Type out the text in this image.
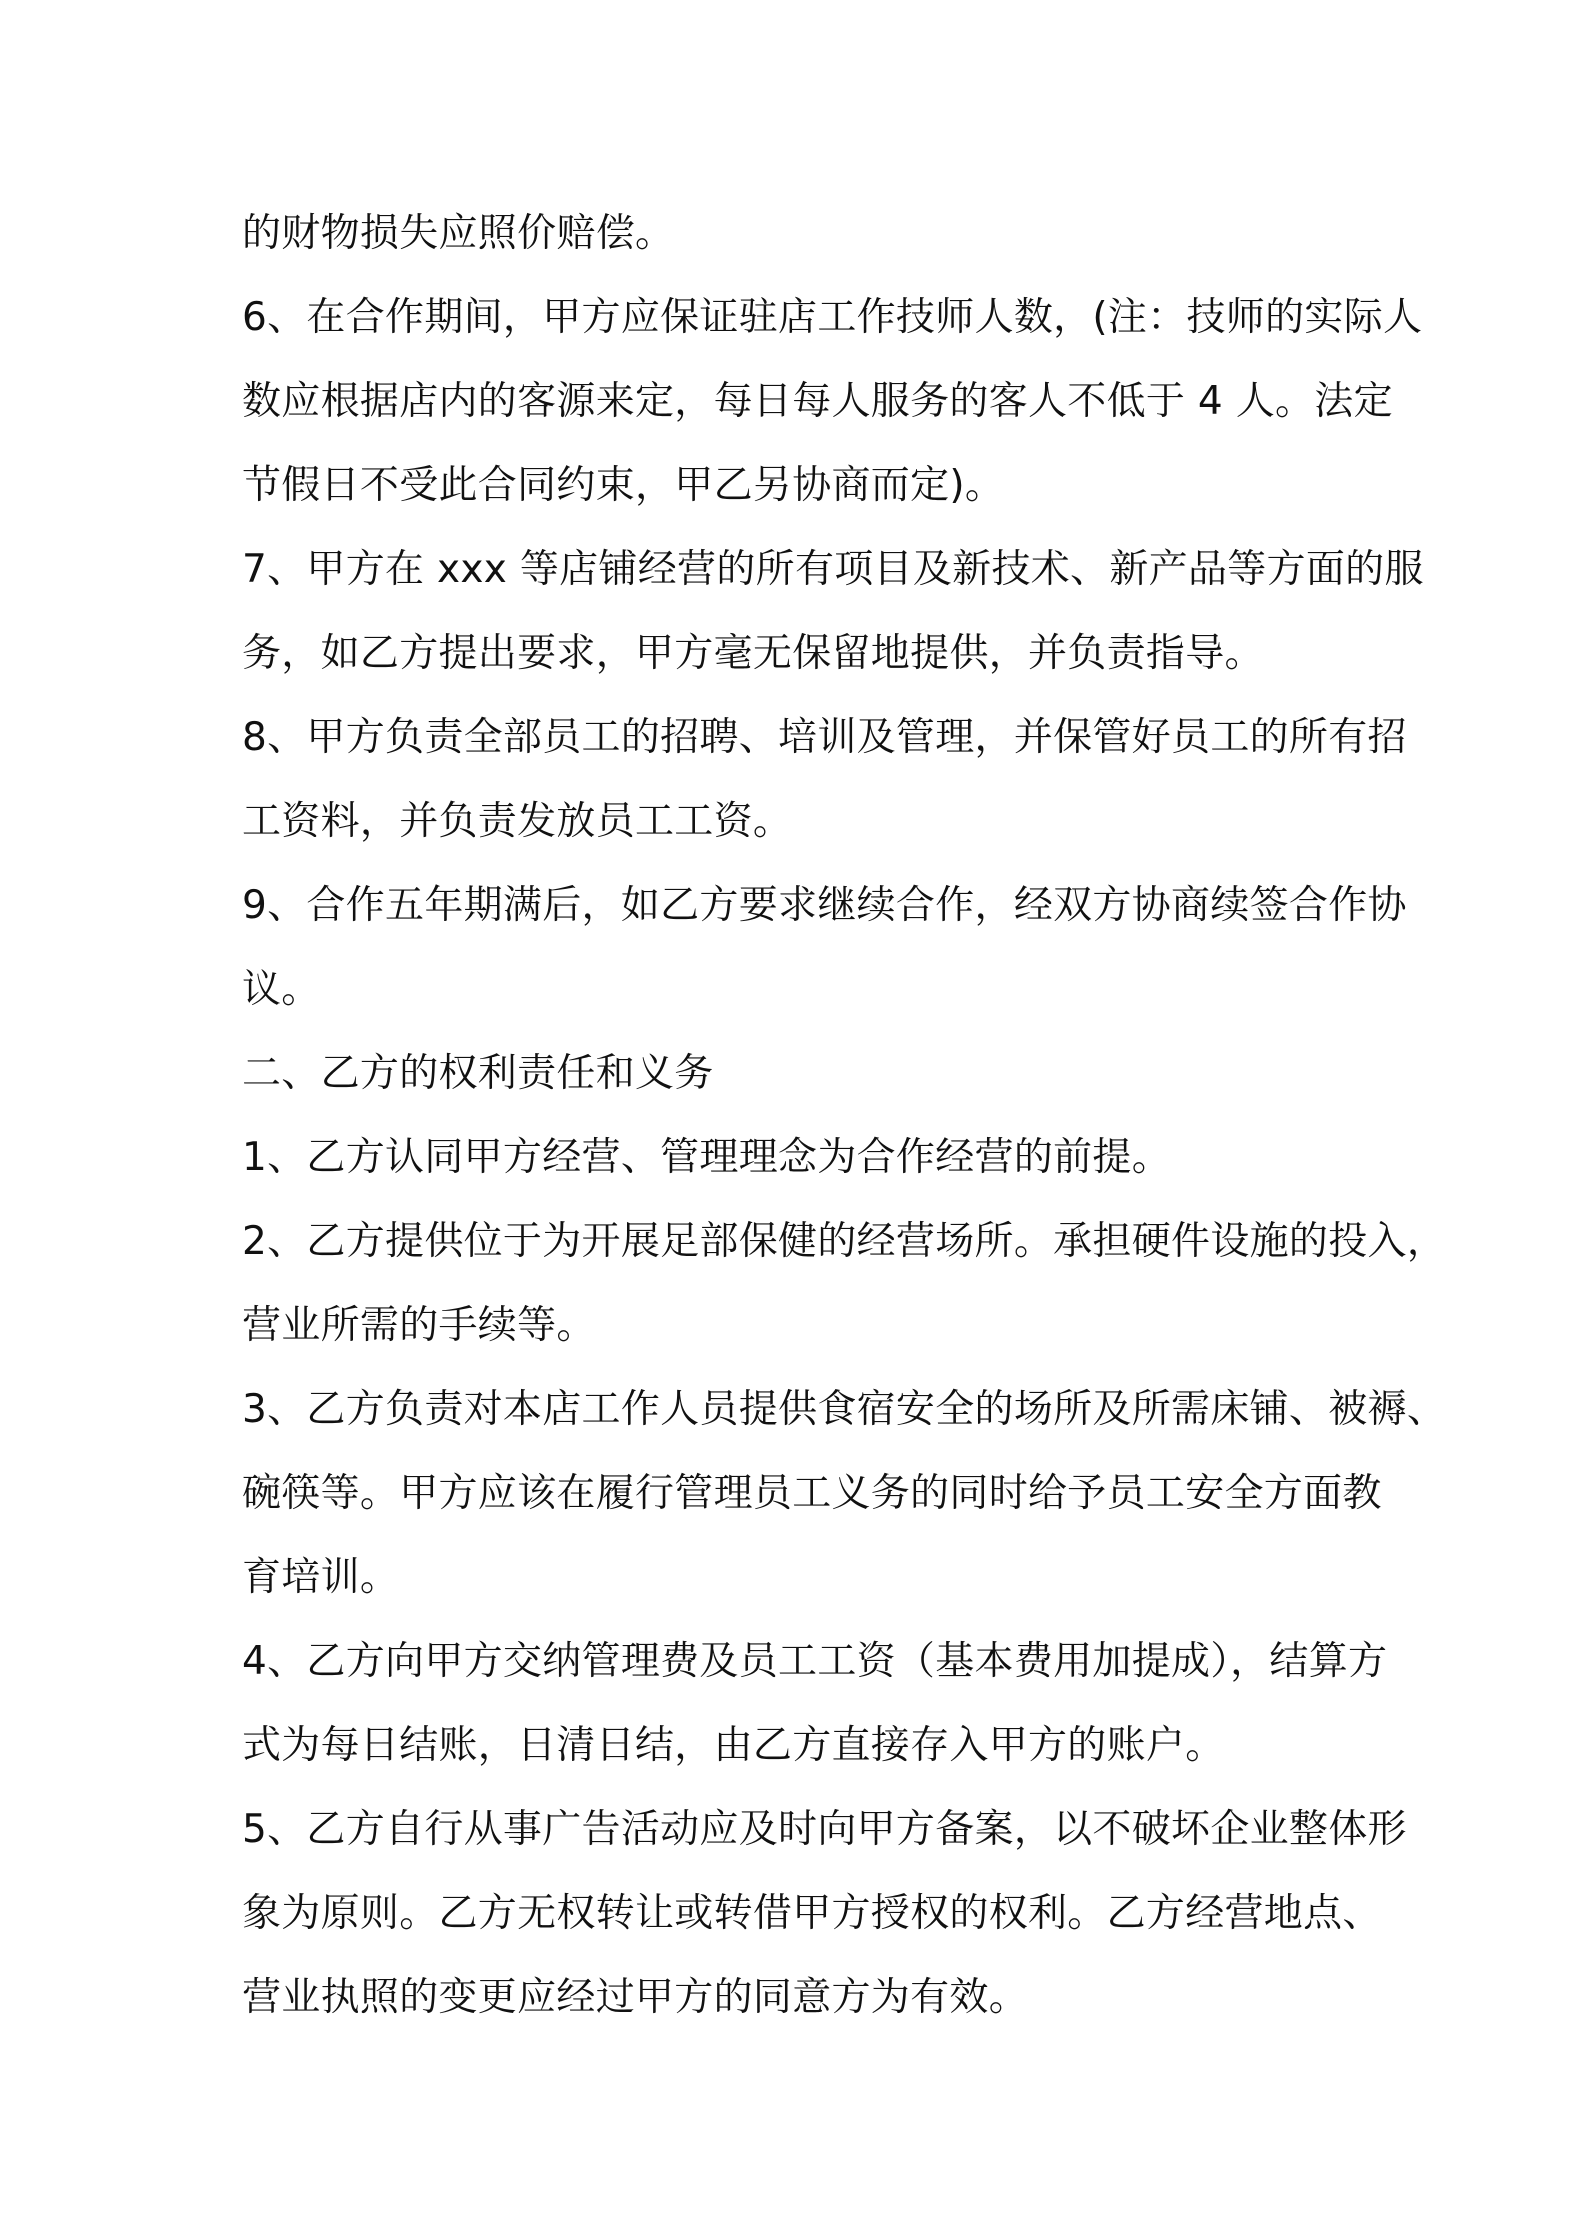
的财物损失应照价赔偿。

6、在合作期间，甲方应保证驻店工作技师人数，(注：技师的实际人

数应根据店内的客源来定，每日每人服务的客人不低于 4 人。法定

节假日不受此合同约束，甲乙另协商而定)。

7、甲方在 xxx 等店铺经营的所有项目及新技术、新产品等方面的服

务，如乙方提出要求，甲方毫无保留地提供，并负责指导。

8、甲方负责全部员工的招聘、培训及管理，并保管好员工的所有招

工资料，并负责发放员工工资。

9、合作五年期满后，如乙方要求继续合作，经双方协商续签合作协

议。

二、乙方的权利责任和义务

1、乙方认同甲方经营、管理理念为合作经营的前提。

2、乙方提供位于为开展足部保健的经营场所。承担硬件设施的投入，

营业所需的手续等。

3、乙方负责对本店工作人员提供食宿安全的场所及所需床铺、被褥、

碗筷等。甲方应该在履行管理员工义务的同时给予员工安全方面教

育培训。

4、乙方向甲方交纳管理费及员工工资（基本费用加提成），结算方

式为每日结账，日清日结，由乙方直接存入甲方的账户。

5、乙方自行从事广告活动应及时向甲方备案，以不破坏企业整体形

象为原则。乙方无权转让或转借甲方授权的权利。乙方经营地点、

营业执照的变更应经过甲方的同意方为有效。
